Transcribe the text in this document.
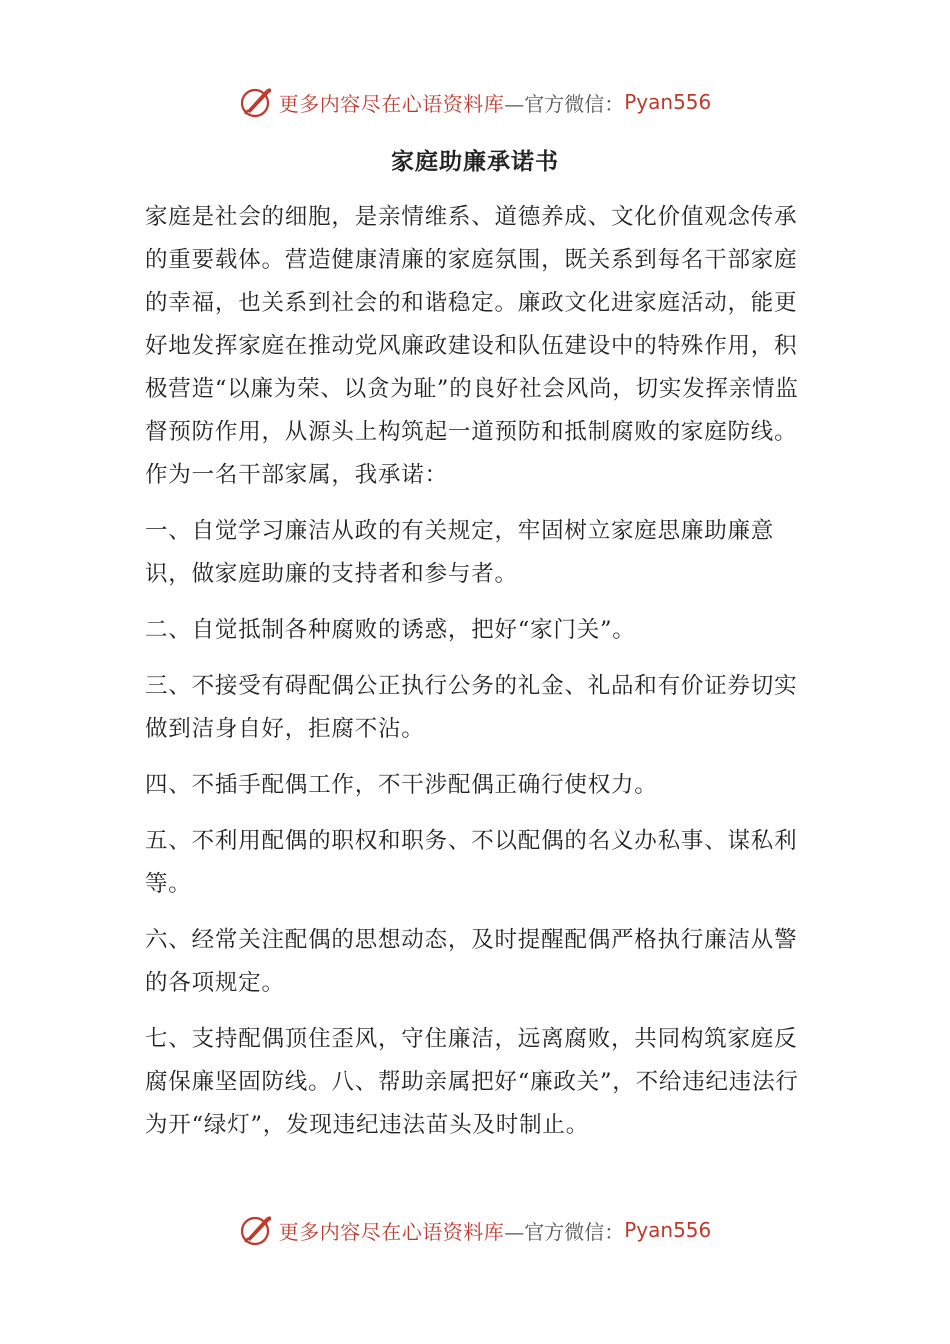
更多内容尽在心语资料库 —官方微信： Pyan556
家庭助廉承诺书

家庭是社会的细胞，是亲情维系、道德养成、文化价值观念传承的重要载体。营造健康清廉的家庭氛围，既关系到每名干部家庭的幸福，也关系到社会的和谐稳定。廉政文化进家庭活动，能更好地发挥家庭在推动党风廉政建设和队伍建设中的特殊作用，积极营造“以廉为荣、以贪为耻”的良好社会风尚，切实发挥亲情监督预防作用，从源头上构筑起一道预防和抵制腐败的家庭防线。作为一名干部家属，我承诺：

一、自觉学习廉洁从政的有关规定，牢固树立家庭思廉助廉意识，做家庭助廉的支持者和参与者。

二、自觉抵制各种腐败的诱惑，把好“家门关”。

三、不接受有碍配偶公正执行公务的礼金、礼品和有价证券切实做到洁身自好，拒腐不沾。

四、不插手配偶工作，不干涉配偶正确行使权力。

五、不利用配偶的职权和职务、不以配偶的名义办私事、谋私利等。

六、经常关注配偶的思想动态，及时提醒配偶严格执行廉洁从警的各项规定。

七、支持配偶顶住歪风，守住廉洁，远离腐败，共同构筑家庭反腐保廉坚固防线。八、帮助亲属把好“廉政关”，不给违纪违法行为开“绿灯”，发现违纪违法苗头及时制止。

更多内容尽在心语资料库 —官方微信： Pyan556
